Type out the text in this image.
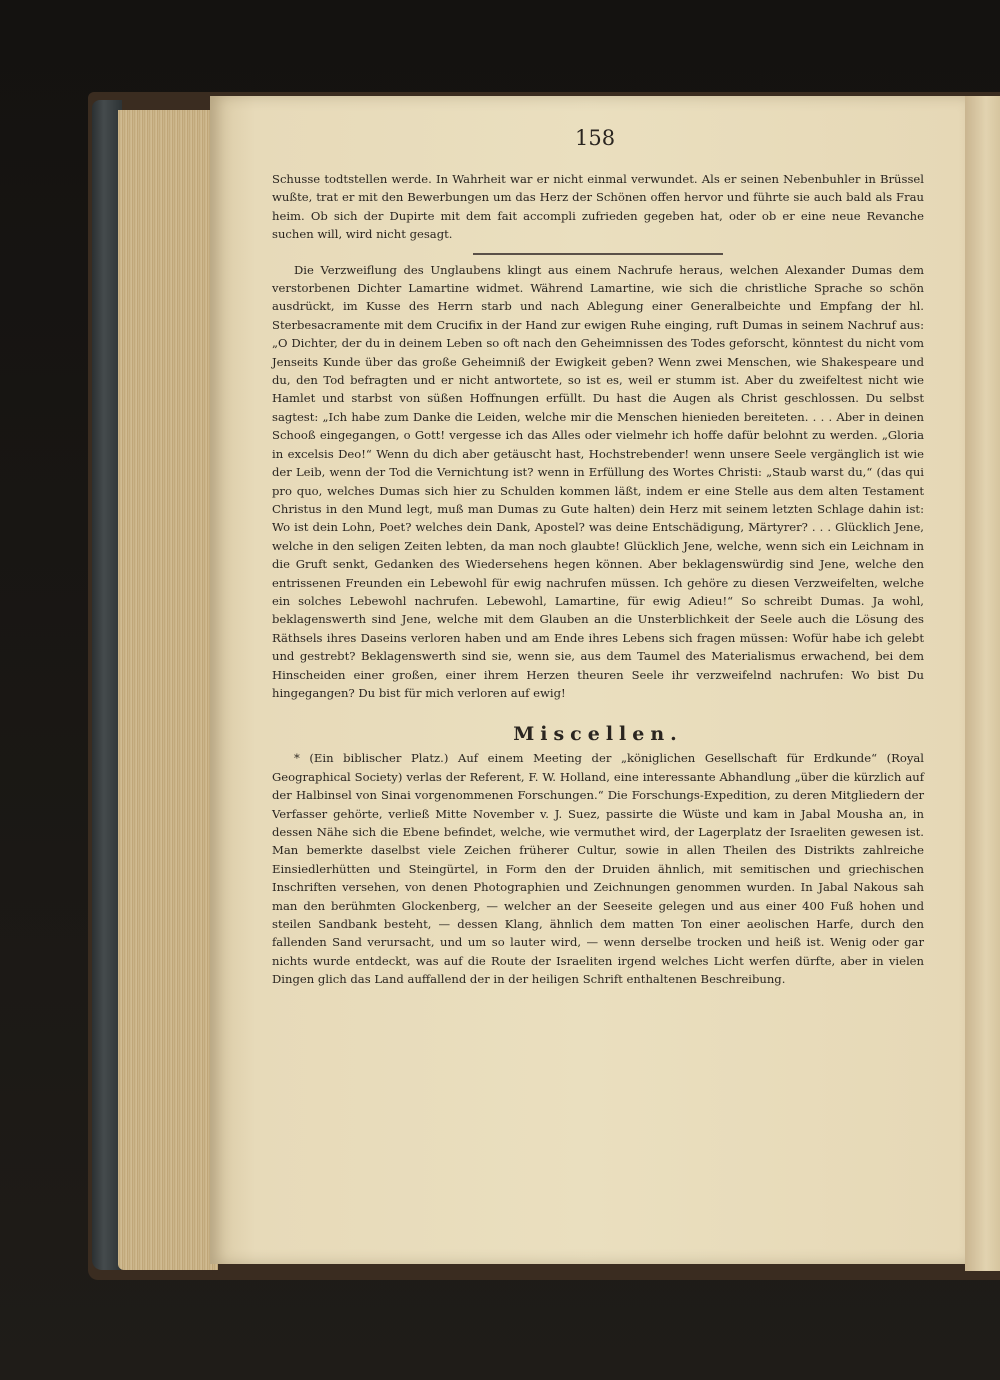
158

Schusse todtstellen werde. In Wahrheit war er nicht einmal verwundet. Als er seinen Nebenbuhler in Brüssel wußte, trat er mit den Bewerbungen um das Herz der Schönen offen hervor und führte sie auch bald als Frau heim. Ob sich der Dupirte mit dem fait accompli zufrieden gegeben hat, oder ob er eine neue Revanche suchen will, wird nicht gesagt.

Die Verzweiflung des Unglaubens klingt aus einem Nachrufe heraus, welchen Alexander Dumas dem verstorbenen Dichter Lamartine widmet. Während Lamartine, wie sich die christliche Sprache so schön ausdrückt, im Kusse des Herrn starb und nach Ablegung einer Generalbeichte und Empfang der hl. Sterbesacramente mit dem Crucifix in der Hand zur ewigen Ruhe einging, ruft Dumas in seinem Nachruf aus: „O Dichter, der du in deinem Leben so oft nach den Geheimnissen des Todes geforscht, könntest du nicht vom Jenseits Kunde über das große Geheimniß der Ewigkeit geben? Wenn zwei Menschen, wie Shakespeare und du, den Tod befragten und er nicht antwortete, so ist es, weil er stumm ist. Aber du zweifeltest nicht wie Hamlet und starbst von süßen Hoffnungen erfüllt. Du hast die Augen als Christ geschlossen. Du selbst sagtest: „Ich habe zum Danke die Leiden, welche mir die Menschen hienieden bereiteten. . . . Aber in deinen Schooß eingegangen, o Gott! vergesse ich das Alles oder vielmehr ich hoffe dafür belohnt zu werden. „Gloria in excelsis Deo!“ Wenn du dich aber getäuscht hast, Hochstrebender! wenn unsere Seele vergänglich ist wie der Leib, wenn der Tod die Vernichtung ist? wenn in Erfüllung des Wortes Christi: „Staub warst du,“ (das qui pro quo, welches Dumas sich hier zu Schulden kommen läßt, indem er eine Stelle aus dem alten Testament Christus in den Mund legt, muß man Dumas zu Gute halten) dein Herz mit seinem letzten Schlage dahin ist: Wo ist dein Lohn, Poet? welches dein Dank, Apostel? was deine Entschädigung, Märtyrer? . . . Glücklich Jene, welche in den seligen Zeiten lebten, da man noch glaubte! Glücklich Jene, welche, wenn sich ein Leichnam in die Gruft senkt, Gedanken des Wiedersehens hegen können. Aber beklagenswürdig sind Jene, welche den entrissenen Freunden ein Lebewohl für ewig nachrufen müssen. Ich gehöre zu diesen Verzweifelten, welche ein solches Lebewohl nachrufen. Lebewohl, Lamartine, für ewig Adieu!“ So schreibt Dumas. Ja wohl, beklagenswerth sind Jene, welche mit dem Glauben an die Unsterblichkeit der Seele auch die Lösung des Räthsels ihres Daseins verloren haben und am Ende ihres Lebens sich fragen müssen: Wofür habe ich gelebt und gestrebt? Beklagenswerth sind sie, wenn sie, aus dem Taumel des Materialismus erwachend, bei dem Hinscheiden einer großen, einer ihrem Herzen theuren Seele ihr verzweifelnd nachrufen: Wo bist Du hingegangen? Du bist für mich verloren auf ewig!

Miscellen.

* (Ein biblischer Platz.) Auf einem Meeting der „königlichen Gesellschaft für Erdkunde“ (Royal Geographical Society) verlas der Referent, F. W. Holland, eine interessante Abhandlung „über die kürzlich auf der Halbinsel von Sinai vorgenommenen Forschungen.“ Die Forschungs-Expedition, zu deren Mitgliedern der Verfasser gehörte, verließ Mitte November v. J. Suez, passirte die Wüste und kam in Jabal Mousha an, in dessen Nähe sich die Ebene befindet, welche, wie vermuthet wird, der Lagerplatz der Israeliten gewesen ist. Man bemerkte daselbst viele Zeichen früherer Cultur, sowie in allen Theilen des Distrikts zahlreiche Einsiedlerhütten und Steingürtel, in Form den der Druiden ähnlich, mit semitischen und griechischen Inschriften versehen, von denen Photographien und Zeichnungen genommen wurden. In Jabal Nakous sah man den berühmten Glockenberg, — welcher an der Seeseite gelegen und aus einer 400 Fuß hohen und steilen Sandbank besteht, — dessen Klang, ähnlich dem matten Ton einer aeolischen Harfe, durch den fallenden Sand verursacht, und um so lauter wird, — wenn derselbe trocken und heiß ist. Wenig oder gar nichts wurde entdeckt, was auf die Route der Israeliten irgend welches Licht werfen dürfte, aber in vielen Dingen glich das Land auffallend der in der heiligen Schrift enthaltenen Beschreibung.
